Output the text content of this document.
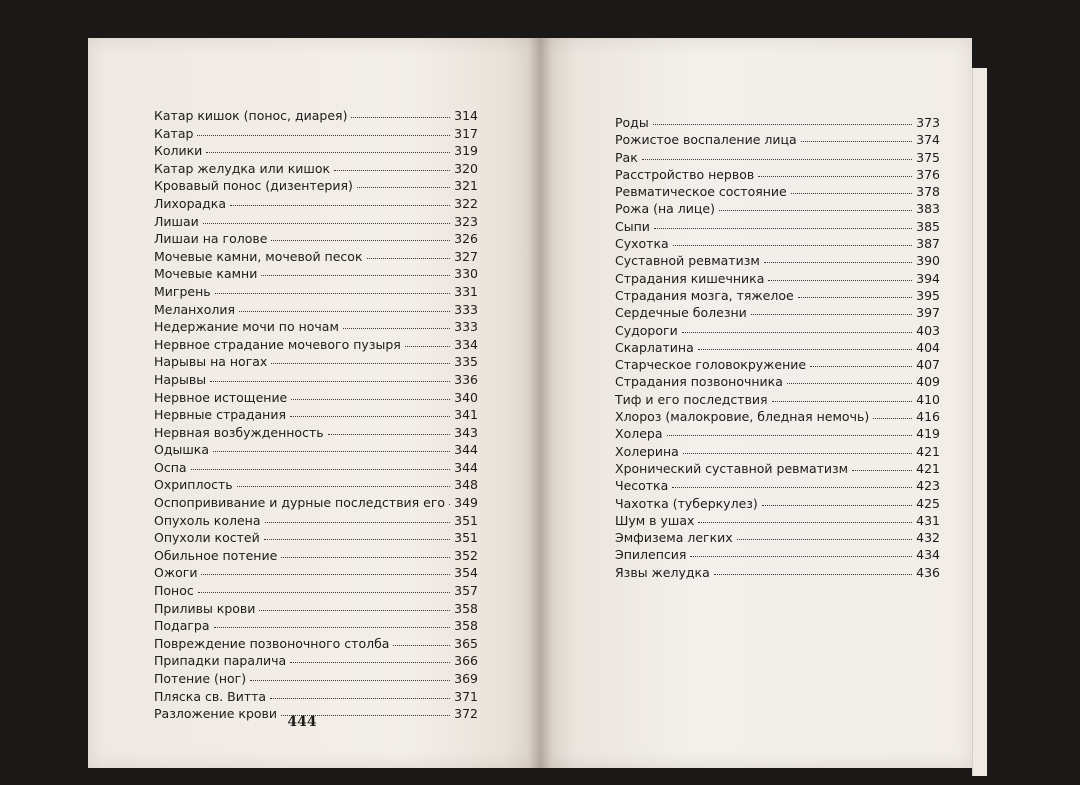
Катар кишок (понос, диарея)	314
Катар	317
Колики	319
Катар желудка или кишок	320
Кровавый понос (дизентерия)	321
Лихорадка	322
Лишаи	323
Лишаи на голове	326
Мочевые камни, мочевой песок	327
Мочевые камни	330
Мигрень	331
Меланхолия	333
Недержание мочи по ночам	333
Нервное страдание мочевого пузыря	334
Нарывы на ногах	335
Нарывы	336
Нервное истощение	340
Нервные страдания	341
Нервная возбужденность	343
Одышка	344
Оспа	344
Охриплость	348
Оспопрививание и дурные последствия его 349
Опухоль колена	351
Опухоли костей	351
Обильное потение	352
Ожоги	354
Понос	357
Приливы крови	358
Подагра	358
Повреждение позвоночного столба	365
Припадки паралича	366
Потение (ног)	369
Пляска св. Витта	371
Разложение крови	372
444
Роды	373
Рожистое воспаление лица	374
Рак	375
Расстройство нервов	376
Ревматическое состояние	378
Рожа (на лице)	383
Сыпи	385
Сухотка	387
Суставной ревматизм	390
Страдания кишечника	394
Страдания мозга, тяжелое	395
Сердечные болезни	397
Судороги	403
Скарлатина	404
Старческое головокружение	407
Страдания позвоночника	409
Тиф и его последствия	410
Хлороз (малокровие, бледная немочь)	416
Холера	419
Холерина	421
Хронический суставной ревматизм	421
Чесотка	423
Чахотка (туберкулез)	425
Шум в ушах	431
Эмфизема легких	432
Эпилепсия	434
Язвы желудка	436
